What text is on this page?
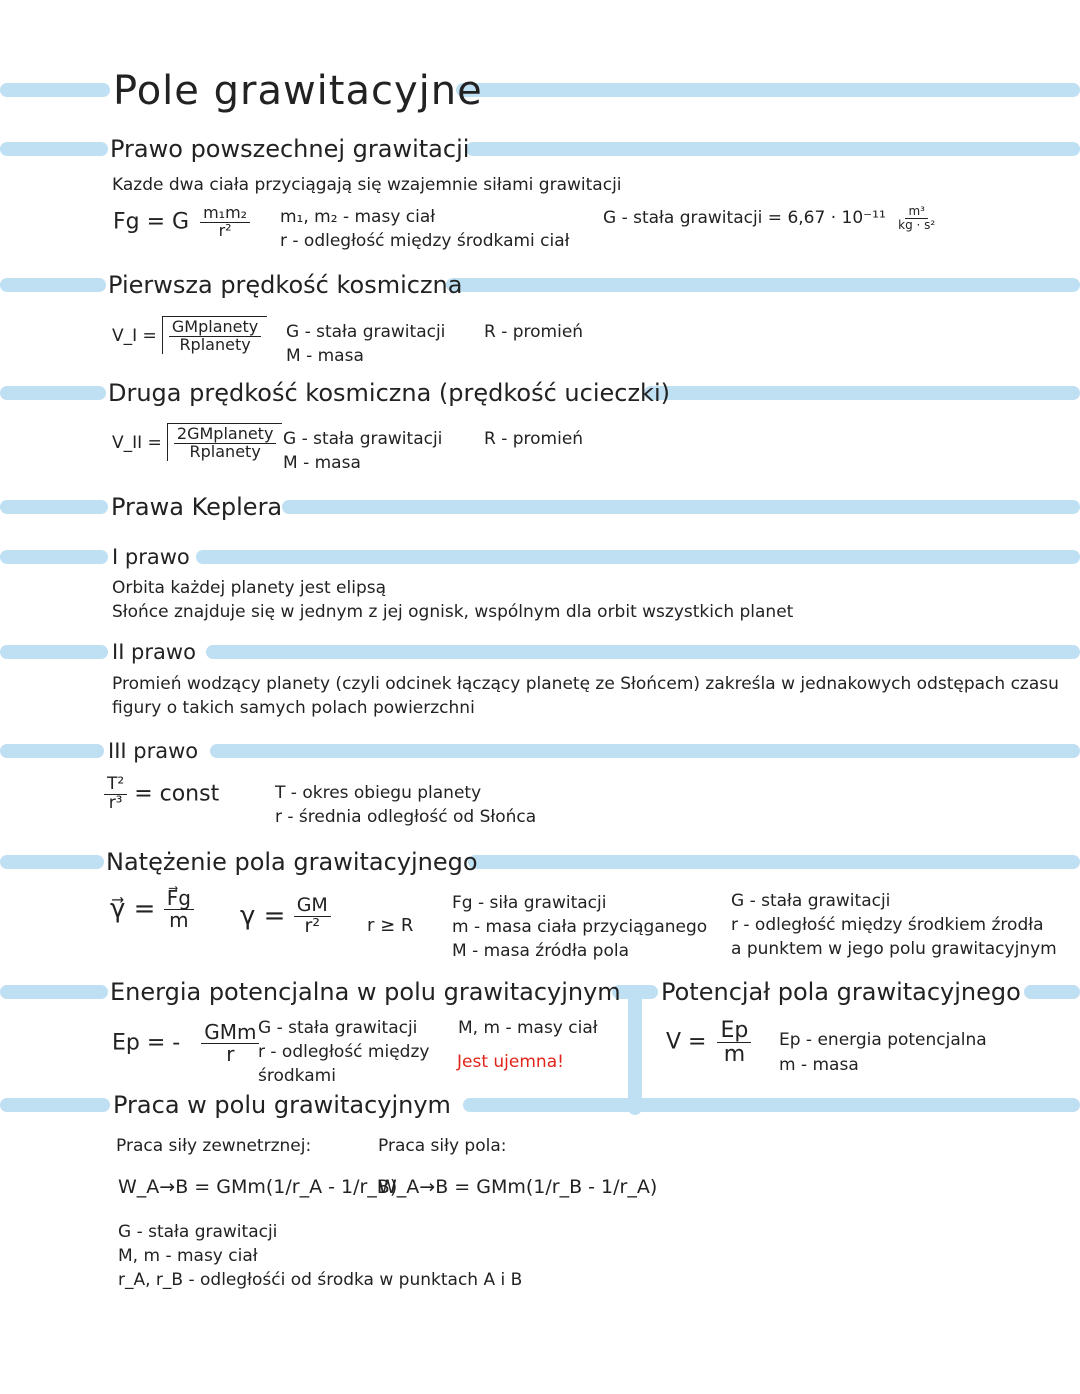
Pole grawitacyjne
Prawo powszechnej grawitacji
Kazde dwa ciała przyciągają się wzajemnie siłami grawitacji
Fg = G $\frac{\text{m₁m₂}}{\text{r²}} m_1$, m₂ - masy ciał
r - odległość między środkami ciał
G - stała grawitacji = $6,67 \cdot 10^{-11} \frac{\text{m³}}{\text{kg · s²}}$
Pierwsza prędkość kosmiczna
V_I = $\frac{\text{GMplanety}}{\text{Rplanety}}$ G - stała grawitacji
M - masa
R - promień
Druga prędkość kosmiczna (prędkość ucieczki)
V_II = $\frac{\text{2GMplanety}}{\text{Rplanety}}$ G - stała grawitacji
M - masa
R - promień
Prawa Keplera
I prawo
Orbita każdej planety jest elipsą
Słońce znajduje się w jednym z jej ognisk, wspólnym dla orbit wszystkich planet
II prawo
Promień wodzący planety (czyli odcinek łączący planetę ze Słońcem) zakreśla w jednakowych odstępach czasu
figury o takich samych polach powierzchni
III prawo
$\frac{\text{T²}}{\text{r³}}$ = const	T - okres obiegu planety
r - średnia odległość od Słońca
Natężenie pola grawitacyjnego
γ⃗ = $\frac{F⃗g}{m}$ $\gamma = \frac{GM}{\text{r²}}$ r ≥ R
Fg - siła grawitacji
m - masa ciała przyciąganego
M - masa źródła pola
G - stała grawitacji
r - odległość między środkiem źrodła
a punktem w jego polu grawitacyjnym
Energia potencjalna w polu grawitacyjnym Potencjał pola grawitacyjnego
Ep = - $\frac{\text{GMm}}{r}$
G - stała grawitacji
r - odległość między
środkami
M, m - masy ciał
Jest ujemna!
$V = \frac{Ep}{m}$ Ep - energia potencjalna
m - masa
Praca w polu grawitacyjnym
Praca siły zewnetrznej:	Praca siły pola:
W_A→B = GMm(1/r_A - 1/r_B)
W_A→B = GMm(1/r_B - 1/r_A)
G - stała grawitacji
M, m - masy ciał
r_A, r_B - odległośći od środka w punktach A i B
